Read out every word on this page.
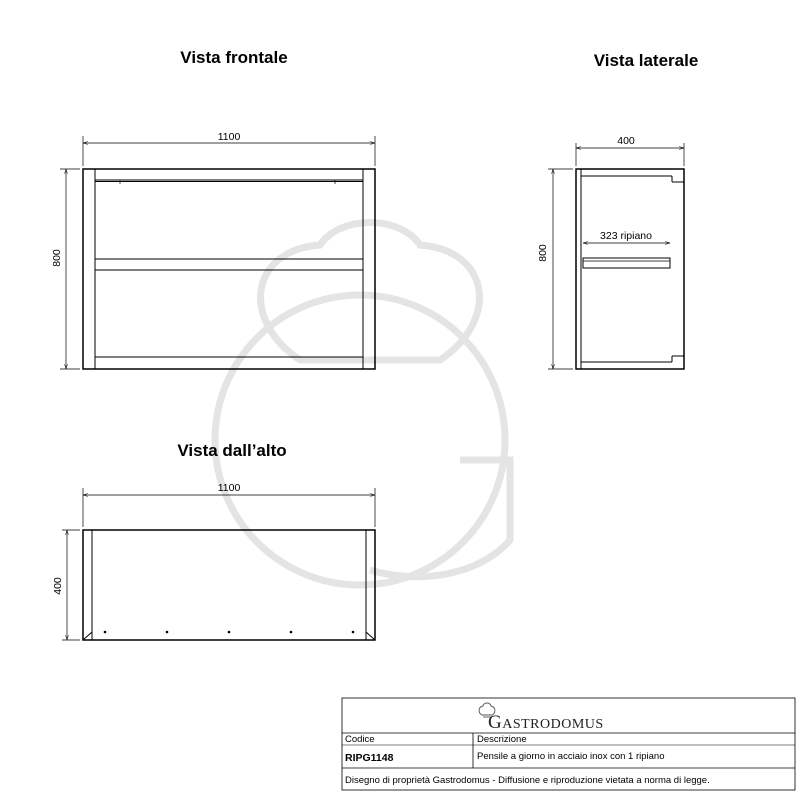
Vista frontale	Vista laterale
Vista dall’alto
1100
800
400
323 ripiano
800
1100
400
GASTRODOMUS
Codice
RIPG1148
Descrizione
Pensile a giorno in acciaio inox con 1 ripiano
Disegno di proprietà Gastrodomus - Diffusione e riproduzione vietata a norma di legge.
